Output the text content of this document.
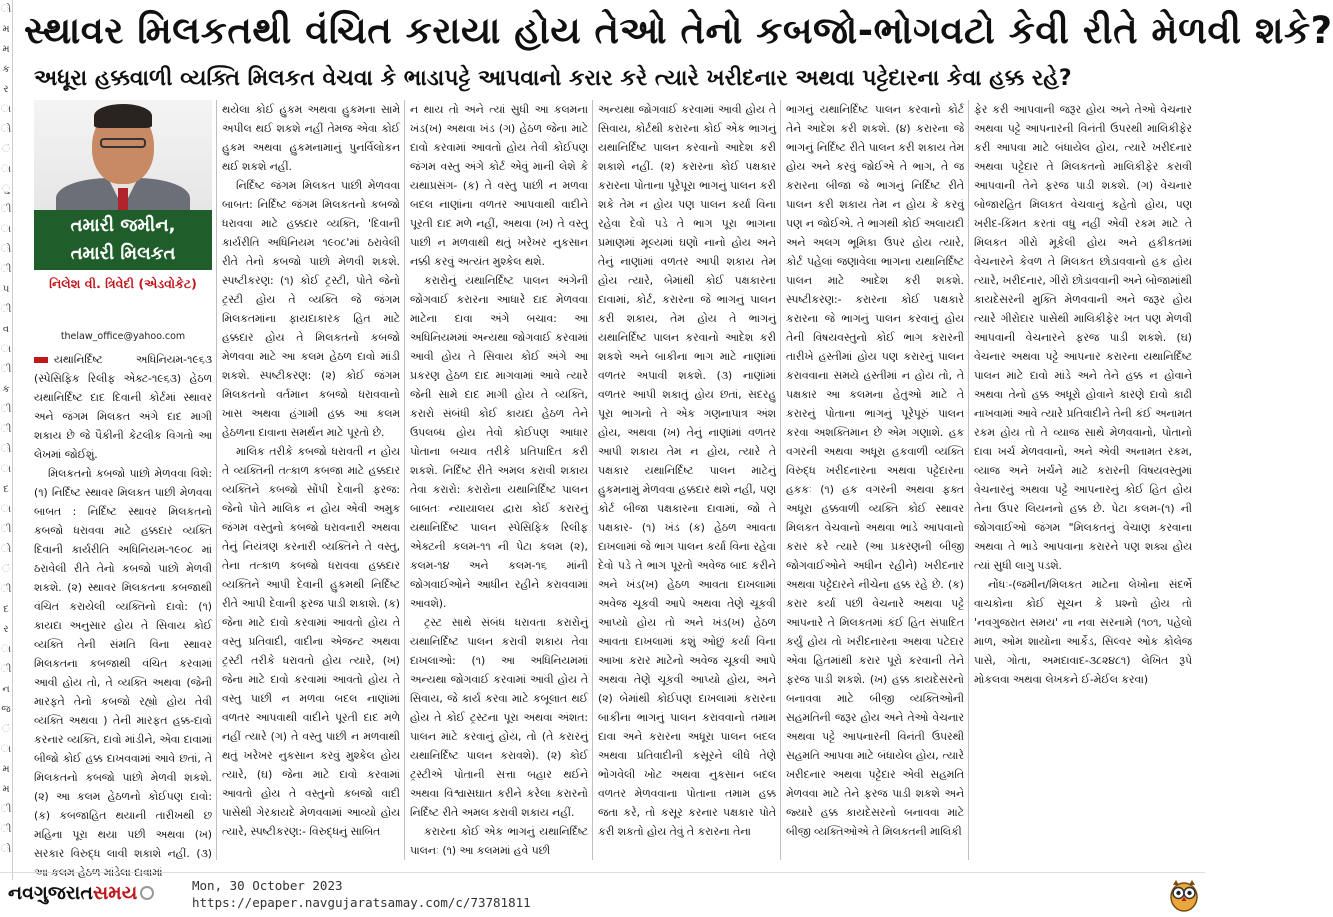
ો
મ
મ
ક
ર
ા
ો
ં
ા
ુ
ી
ા
ો
ી
૫
ી
વ
ા
ી
ક
ી
ી
ો
ા
દ
ા
ી
ો
ં
ી
દ
ર
ા
ી
ન
જ
ં
ા
મ
મ
ી
ી
ો
સ્થાવર મિલકતથી વંચિત કરાયા હોય તેઓ તેનો કબજો-ભોગવટો કેવી રીતે મેળવી શકે?
અધૂરા હક્કવાળી વ્યક્તિ મિલકત વેચવા કે ભાડાપટ્ટે આપવાનો કરાર કરે ત્યારે ખરીદનાર અથવા પટ્ટેદારના કેવા હક્ક રહે?
તમારી જમીન,
તમારી મિલકત
નિલેશ વી. ત્રિવેદી (એડવોકેટ)
thelaw_office@yahoo.com

યથાનિર્દિષ્ટ અધિનિયમ-૧૯૬૩ (સ્પેસિફિક રિલીફ એક્ટ-૧૯૬૩) હેઠળ યથાનિર્દિષ્ટ દાદ દિવાની કોર્ટમાં સ્થાવર અને જંગમ મિલકત અંગે દાદ માગી શકાય છે જે પૈકીની કેટલીક વિગતો આ લેખમાં જોઈશું.

મિલકતનો કબજો પાછો મેળવવા વિશે: (૧) નિર્દિષ્ટ સ્થાવર મિલકત પાછી મેળવવા બાબત : નિર્દિષ્ટ સ્થાવર મિલકતનો કબજો ધરાવવા માટે હક્કદાર વ્યક્તિ દિવાની કાર્યરીતિ અધિનિયમ-૧૯૦૮ માં ઠરાવેલી રીતે તેનો કબજો પાછો મેળવી શકશે. (૨) સ્થાવર મિલકતના કબજાથી વંચિત કરાયેલી વ્યક્તિનો દાવો: (૧) કાયદા અનુસાર હોય તે સિવાય કોઈ વ્યક્તિ તેની સંમતિ વિના સ્થાવર મિલકતના કબજાથી વંચિત કરવામાં આવી હોય તો, તે વ્યક્તિ અથવા (જેની મારફતે તેનો કબજો રહ્યો હોય તેવી વ્યક્તિ અથવા ) તેની મારફત હક્ક-દાવો કરનાર વ્યક્તિ, દાવો માંડીને, એવા દાવામાં બીજો કોઈ હક્ક દાખવવામાં આવે છતાં, તે મિલકતનો કબજો પાછો મેળવી શકશે. (૨) આ કલમ હેઠળનો કોઈપણ દાવો: (ક) કબજાહિત થયાની તારીખથી છ મહિના પૂરા થયા પછી અથવા (ખ) સરકાર વિરુદ્ધ લાવી શકાશે નહીં. (૩) આ કલમ હેઠળ માંડેલા દાવામાં

થયેલા કોઈ હુકમ અથવા હુકમના સામે અપીલ થઈ શકશે નહીં તેમજ એવા કોઈ હુકમ અથવા હુકમનામાનું પુનર્વિલોકન થઈ શકશે નહીં.

નિર્દિષ્ટ જંગમ મિલકત પાછી મેળવવા બાબત: નિર્દિષ્ટ જંગમ મિલકતનો કબજો ધરાવવા માટે હક્કદાર વ્યક્તિ, 'દિવાની કાર્યરીતિ અધિનિયમ ૧૯૦૮'માં ઠરાવેલી રીતે તેનો કબજો પાછો મેળવી શકશે. સ્પષ્ટીકરણ: (૧) કોઈ ટ્રસ્ટી, પોતે જેનો ટ્રસ્ટી હોય તે વ્યક્તિ જે જંગમ મિલકતમાંના ફાયદાકારક હિત માટે હક્કદાર હોય તે મિલકતનો કબજો મેળવવા માટે આ કલમ હેઠળ દાવો માંડી શકશે. સ્પષ્ટીકરણ: (૨) કોઈ જંગમ મિલકતનો વર્તમાન કબજો ધરાવવાનો ખાસ અથવા હંગામી હક્ક આ કલમ હેઠળના દાવાના સમર્થન માટે પૂરતો છે.

માલિક તરીકે કબજો ધરાવતી ન હોય તે વ્યક્તિની તત્કાળ કબજા માટે હક્કદાર વ્યક્તિને કબજો સોંપી દેવાની ફરજ: જેનો પોતે માલિક ન હોય એવી અમુક જંગમ વસ્તુનો કબજો ધરાવનારી અથવા તેનું નિયંત્રણ કરનારી વ્યક્તિને તે વસ્તુ, તેના તત્કાળ કબજો ધરાવવા હક્કદાર વ્યક્તિને આપી દેવાની હુકમથી નિર્દિષ્ટ રીતે આપી દેવાની ફરજ પાડી શકાશે. (ક) જેના માટે દાવો કરવામાં આવતો હોય તે વસ્તુ પ્રતિવાદી, વાદીના એજન્ટ અથવા ટ્રસ્ટી તરીકે ધરાવતો હોય ત્યારે, (ખ) જેના માટે દાવો કરવામાં આવતો હોય તે વસ્તુ પાછી ન મળવા બદલ નાણાંમાં વળતર આપવાથી વાદીને પૂરતી દાદ મળે નહીં ત્યારે (ગ) તે વસ્તુ પાછી ન મળવાથી થતું ખરેખર નુકસાન કરવું મુશ્કેલ હોય ત્યારે, (ઘ) જેના માટે દાવો કરવામાં આવતો હોય તે વસ્તુનો કબજો વાદી પાસેથી ગેરકાયદે મેળવવામાં આવ્યો હોય ત્યારે, સ્પષ્ટીકરણ:- વિરુદ્ધનું સાબિત

ન થાય તો અને ત્યાં સુધી આ કલમના ખંડ(ખ) અથવા ખંડ (ગ) હેઠળ જેના માટે દાવો કરવામાં આવતો હોય તેવી કોઈપણ જંગમ વસ્તુ અંગે કોર્ટ એવું માની લેશે કે યથાપ્રસંગ- (ક) તે વસ્તુ પાછી ન મળવા બદલ નાણાંના વળતર આપવાથી વાદીને પૂરતી દાદ મળે નહીં, અથવા (ખ) તે વસ્તુ પાછી ન મળવાથી થતું ખરેખર નુકસાન નક્કી કરવું અત્યંત મુશ્કેલ થશે.

કરારોનું યથાનિર્દિષ્ટ પાલન અંગેની જોગવાઈ કરારના આધારે દાદ મેળવવા માટેના દાવા અંગે બચાવ: આ અધિનિયમમાં અન્યથા જોગવાઈ કરવામાં આવી હોય તે સિવાય કોઈ અંગે આ પ્રકરણ હેઠળ દાદ માગવામાં આવે ત્યારે જેની સામે દાદ માગી હોય તે વ્યક્તિ, કરારો સંબંધી કોઈ કાયદા હેઠળ તેને ઉપલબ્ધ હોય તેવો કોઈપણ આધાર પોતાના બચાવ તરીકે પ્રતિપાદિત કરી શકશે. નિર્દિષ્ટ રીતે અમલ કરાવી શકાય તેવા કરારો: કરારોના યથાનિર્દિષ્ટ પાલન બાબતઃ ન્યાયાલય દ્વારા કોઈ કરારનું યથાનિર્દિષ્ટ પાલન સ્પેસિફિક રિલીફ એક્ટની કલમ-૧૧ ની પેટા કલમ (૨), કલમ-૧૪ અને કલમ-૧૬ માંની જોગવાઈઓને આધીન રહીને કરાવવામાં આવશે).

ટ્રસ્ટ સાથે સંબંધ ધરાવતા કરારોનું યથાનિર્દિષ્ટ પાલન કરાવી શકાય તેવા દાખલાઓ: (૧) આ અધિનિયમમાં અન્યથા જોગવાઈ કરવામાં આવી હોય તે સિવાય, જે કાર્ય કરવા માટે કબૂલાત થઈ હોય તે કોઈ ટ્રસ્ટના પૂરા અથવા અંશત: પાલન માટે કરવાનું હોય, તો (તે કરારનું યથાનિર્દિષ્ટ પાલન કરાવશે). (૨) કોઈ ટ્રસ્ટીએ પોતાની સત્તા બહાર થઈને અથવા વિશ્વાસઘાત કરીને કરેલા કરારનો નિર્દિષ્ટ રીતે અમલ કરાવી શકાય નહીં.

કરારના કોઈ એક ભાગનું યથાનિર્દિષ્ટ પાલનઃ (૧) આ કલમમાં હવે પછી

અન્યથા જોગવાઈ કરવામાં આવી હોય તે સિવાય, કોર્ટથી કરારના કોઈ એક ભાગનું યથાનિર્દિષ્ટ પાલન કરવાનો આદેશ કરી શકાશે નહીં. (૨) કરારના કોઈ પક્ષકાર કરારના પોતાના પૂરેપૂરા ભાગનું પાલન કરી શકે તેમ ન હોય પણ પાલન કર્યા વિના રહેવા દેવો પડે તે ભાગ પૂરા ભાગના પ્રમાણમાં મૂલ્યમાં ઘણો નાનો હોય અને તેનું નાણાંમાં વળતર આપી શકાય તેમ હોય ત્યારે, બેમાંથી કોઈ પક્ષકારના દાવામાં, કોર્ટ, કરારના જે ભાગનું પાલન કરી શકાય, તેમ હોય તે ભાગનું યથાનિર્દિષ્ટ પાલન કરવાનો આદેશ કરી શકશે અને બાકીના ભાગ માટે નાણાંમાં વળતર અપાવી શકશે. (૩) નાણાંમાં વળતર આપી શકાતું હોય છતાં, સદરહુ પૂરા ભાગનો તે એક ગણનાપાત્ર અંશ હોય, અથવા (ખ) તેનું નાણાંમાં વળતર આપી શકાય તેમ ન હોય, ત્યારે તે પક્ષકાર યથાનિર્દિષ્ટ પાલન માટેનું હુકમનામું મેળવવા હક્કદાર થશે નહીં, પણ કોર્ટ બીજા પક્ષકારના દાવામાં, જો તે પક્ષકાર- (૧) ખંડ (ક) હેઠળ આવતા દાખલામાં જે ભાગ પાલન કર્યા વિના રહેવા દેવો પડે તે ભાગ પૂરતો અવેજ બાદ કરીને અને ખંડ(ખ) હેઠળ આવતા દાખલામાં અવેજ ચૂકવી આપે અથવા તેણે ચૂકવી આપ્યો હોય તો અને ખંડ(ખ) હેઠળ આવતા દાખલામાં કશું ઓછું કર્યા વિના આખા કરાર માટેનો અવેજ ચૂકવી આપે અથવા તેણે ચૂકવી આપ્યો હોય, અને (૨) બેમાંથી કોઈપણ દાખલામાં કરારના બાકીના ભાગનું પાલન કરાવવાનો તમામ દાવા અને કરારના અધૂરા પાલન બદલ અથવા પ્રતિવાદીની કસૂરને લીધે તેણે ભોગવેલી ખોટ અથવા નુકસાન બદલ વળતર મેળવવાના પોતાના તમામ હક્ક જતા કરે, તો કસૂર કરનાર પક્ષકાર પોતે કરી શકતો હોય તેવું તે કરારના તેના

ભાગનું યથાનિર્દિષ્ટ પાલન કરવાનો કોર્ટ તેને આદેશ કરી શકશે. (૪) કરારના જે ભાગનું નિર્દિષ્ટ રીતે પાલન કરી શકાય તેમ હોય અને કરવું જોઈએ તે ભાગ, તે જ કરારના બીજા જે ભાગનું નિર્દિષ્ટ રીતે પાલન કરી શકાય તેમ ન હોય કે કરવું પણ ન જોઈએ. તે ભાગથી કોઈ અલાયદી અને અલગ ભૂમિકા ઉપર હોય ત્યારે, કોર્ટ પહેલાં જણાવેલા ભાગના યથાનિર્દિષ્ટ પાલન માટે આદેશ કરી શકશે. સ્પષ્ટીકરણ:- કરારના કોઈ પક્ષકારે કરારના જે ભાગનું પાલન કરવાનું હોય તેની વિષયવસ્તુનો કોઈ ભાગ કરારની તારીખે હસ્તીમાં હોય પણ કરારનું પાલન કરાવવાના સમયે હસ્તીમાં ન હોય તો, તે પક્ષકાર આ કલમના હેતુઓ માટે તે કરારનું પોતાના ભાગનું પૂરેપૂરું પાલન કરવા અશક્તિમાન છે એમ ગણાશે. હક વગરની અથવા અધૂરા હકવાળી વ્યક્તિ વિરુદ્ધ ખરીદનારના અથવા પટ્ટેદારના હકકઃ (૧) હક વગરની અથવા ફક્ત અધૂરા હક્કવાળી વ્યક્તિ કોઈ સ્થાવર મિલકત વેચવાનો અથવા ભાડે આપવાનો કરાર કરે ત્યારે (આ પ્રકરણની બીજી જોગવાઈઓને અધીન રહીને) ખરીદનાર અથવા પટ્ટેદારને નીચેના હક્ક રહે છે. (ક) કરાર કર્યા પછી વેચનારે અથવા પટ્ટે આપનારે તે મિલકતમાં કંઈ હિત સંપાદિત કર્યું હોય તો ખરીદનારના અથવા પટેદાર એવા હિતમાંથી કરાર પૂરો કરવાની તેને ફરજ પાડી શકશે. (ખ) હક્ક કાયદેસરનો બનાવવા માટે બીજી વ્યક્તિઓની સહમતિની જરૂર હોય અને તેઓ વેચનાર અથવા પટ્ટે આપનારની વિનંતી ઉપરથી સહમતિ આપવા માટે બંધાયેલ હોય, ત્યારે ખરીદનાર અથવા પટ્ટેદાર એવી સહમતિ મેળવવા માટે તેને ફરજ પાડી શકશે અને જ્યારે હક્ક કાયદેસરનો બનાવવા માટે બીજી વ્યક્તિઓએ તે મિલકતની માલિકી

ફેર કરી આપવાની જરૂર હોય અને તેઓ વેચનાર અથવા પટ્ટે આપનારની વિનંતી ઉપરથી માલિકીફેર કરી આપવા માટે બંધાયેલ હોય, ત્યારે ખરીદનાર અથવા પટ્ટેદાર તે મિલકતનો માલિકીફેર કરાવી આપવાની તેને ફરજ પાડી શકશે. (ગ) વેચનાર બોજારહિત મિલકત વેચવાનું કહેતો હોય, પણ ખરીદ-કિંમત કરતાં વધુ નહીં એવી રકમ માટે તે મિલકત ગીરો મૂકેલી હોય અને હકીકતમાં વેચનારને કેવળ તે મિલકત છોડાવવાનો હક હોય ત્યારે, ખરીદનાર, ગીરો છોડાવવાની અને બોજામાંથી કાયદેસરની મુક્તિ મેળવવાની અને જરૂર હોય ત્યારે ગીરોદાર પાસેથી માલિકીફેર ખત પણ મેળવી આપવાની વેચનારને ફરજ પાડી શકશે. (ઘ) વેચનાર અથવા પટ્ટે આપનાર કરારના યથાનિર્દિષ્ટ પાલન માટે દાવો માંડે અને તેને હક્ક ન હોવાને અથવા તેનો હક્ક અધૂરો હોવાને કારણે દાવો કાઢી નાખવામાં આવે ત્યારે પ્રતિવાદીને તેની કંઈ અનામત રકમ હોય તો તે વ્યાજ સાથે મેળવવાનો, પોતાનો દાવા ખર્ચ મેળવવાનો, અને એવી અનામત રકમ, વ્યાજ અને ખર્ચને માટે કરારની વિષયવસ્તુમાં વેચનારનું અથવા પટ્ટે આપનારનું કોઈ હિત હોય તેના ઉપર લિયનનો હક્ક છે. પેટા કલમ-(૧) ની જોગવાઈઓ જંગમ "મિલકતનું વેચાણ કરવાના અથવા તે ભાડે આપવાના કરારને પણ શક્ય હોય ત્યાં સુધી લાગુ પડશે.

નોંધઃ-(જમીન/મિલકત માટેના લેખોના સંદર્ભે વાચકોના કોઈ સૂચન કે પ્રશ્નો હોય તો 'નવગુજરાત સમય' ના નવા સરનામે (૧૦૧, પહેલો માળ, ઓમ શાયોના આર્કેડ, સિલ્વર ઓક કોલેજ પાસે, ગોતા, અમદાવાદ-૩૮૨૪૮૧) લેખિત રૂપે મોકલવા અથવા લેખકને ઈ-મેઈલ કરવા)

નવગુજરાતસમય	Mon, 30 October 2023
https://epaper.navgujaratsamay.com/c/73781811
